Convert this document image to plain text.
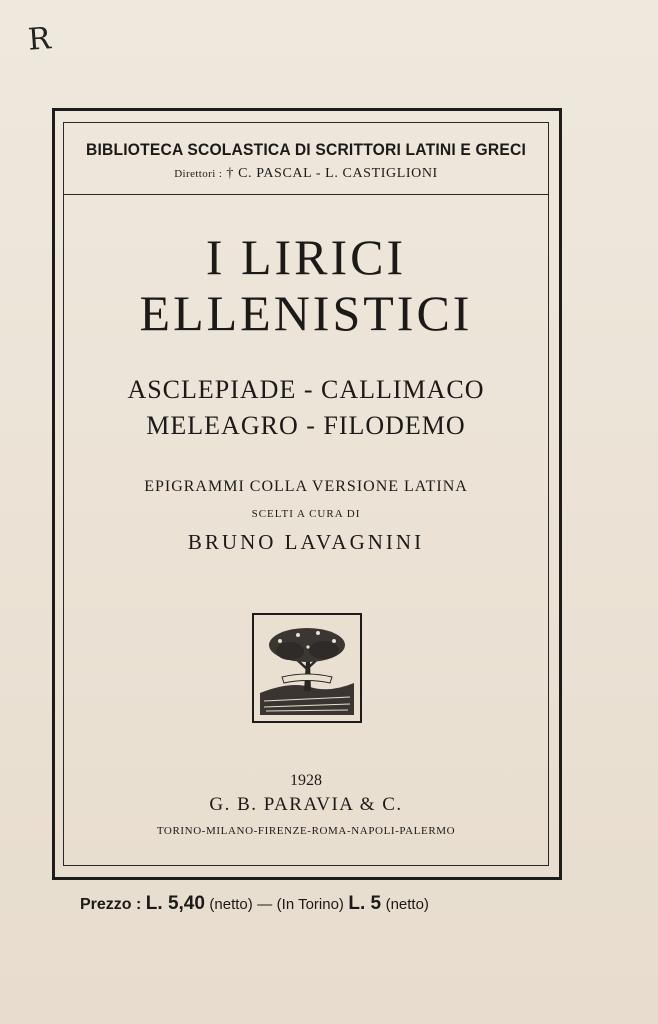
R
BIBLIOTECA SCOLASTICA DI SCRITTORI LATINI E GRECI
Direttori : † C. PASCAL - L. CASTIGLIONI
I LIRICI
ELLENISTICI
ASCLEPIADE - CALLIMACO
MELEAGRO - FILODEMO
EPIGRAMMI COLLA VERSIONE LATINA
SCELTI A CURA DI
BRUNO LAVAGNINI
1928
G. B. PARAVIA & C.
TORINO-MILANO-FIRENZE-ROMA-NAPOLI-PALERMO
Prezzo : L. 5,40 (netto) — (In Torino) L. 5 (netto)
